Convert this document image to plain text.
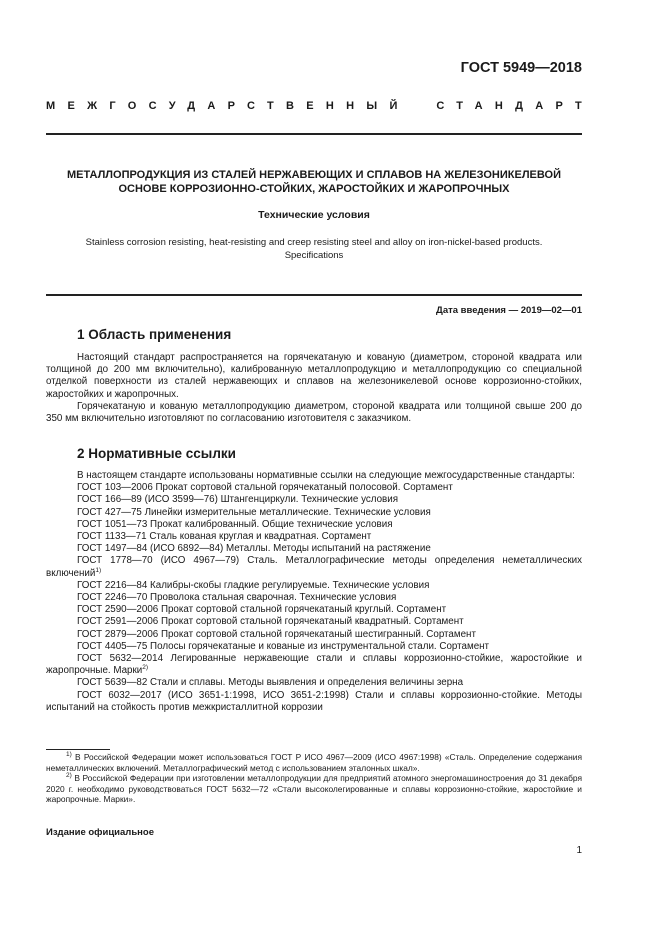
ГОСТ 5949—2018
МЕЖГОСУДАРСТВЕННЫЙ СТАНДАРТ
МЕТАЛЛОПРОДУКЦИЯ ИЗ СТАЛЕЙ НЕРЖАВЕЮЩИХ И СПЛАВОВ НА ЖЕЛЕЗОНИКЕЛЕВОЙ
ОСНОВЕ КОРРОЗИОННО-СТОЙКИХ, ЖАРОСТОЙКИХ И ЖАРОПРОЧНЫХ
Технические условия
Stainless corrosion resisting, heat-resisting and creep resisting steel and alloy on iron-nickel-based products.
Specifications
Дата введения — 2019—02—01
1 Область применения

Настоящий стандарт распространяется на горячекатаную и кованую (диаметром, стороной квадрата или толщиной до 200 мм включительно), калиброванную металлопродукцию и металлопродукцию со специальной отделкой поверхности из сталей нержавеющих и сплавов на железоникелевой основе коррозионно-стойких, жаростойких и жаропрочных.

Горячекатаную и кованую металлопродукцию диаметром, стороной квадрата или толщиной свыше 200 до 350 мм включительно изготовляют по согласованию изготовителя с заказчиком.

2 Нормативные ссылки

В настоящем стандарте использованы нормативные ссылки на следующие межгосударственные стандарты:

ГОСТ 103—2006 Прокат сортовой стальной горячекатаный полосовой. Сортамент

ГОСТ 166—89 (ИСО 3599—76) Штангенциркули. Технические условия

ГОСТ 427—75 Линейки измерительные металлические. Технические условия

ГОСТ 1051—73 Прокат калиброванный. Общие технические условия

ГОСТ 1133—71 Сталь кованая круглая и квадратная. Сортамент

ГОСТ 1497—84 (ИСО 6892—84) Металлы. Методы испытаний на растяжение

ГОСТ 1778—70 (ИСО 4967—79) Сталь. Металлографические методы определения неметаллических включений$^{1)}$

ГОСТ 2216—84 Калибры-скобы гладкие регулируемые. Технические условия

ГОСТ 2246—70 Проволока стальная сварочная. Технические условия

ГОСТ 2590—2006 Прокат сортовой стальной горячекатаный круглый. Сортамент

ГОСТ 2591—2006 Прокат сортовой стальной горячекатаный квадратный. Сортамент

ГОСТ 2879—2006 Прокат сортовой стальной горячекатаный шестигранный. Сортамент

ГОСТ 4405—75 Полосы горячекатаные и кованые из инструментальной стали. Сортамент

ГОСТ 5632—2014 Легированные нержавеющие стали и сплавы коррозионно-стойкие, жаростойкие и жаропрочные. Марки$^{2)}$

ГОСТ 5639—82 Стали и сплавы. Методы выявления и определения величины зерна

ГОСТ 6032—2017 (ИСО 3651-1:1998, ИСО 3651-2:1998) Стали и сплавы коррозионно-стойкие. Методы испытаний на стойкость против межкристаллитной коррозии

$^{1)}$ В Российской Федерации может использоваться ГОСТ Р ИСО 4967—2009 (ИСО 4967:1998) «Сталь. Определение содержания неметаллических включений. Металлографический метод с использованием эталонных шкал».

$^{2)}$ В Российской Федерации при изготовлении металлопродукции для предприятий атомного энергомашиностроения до 31 декабря 2020 г. необходимо руководствоваться ГОСТ 5632—72 «Стали высоколегированные и сплавы коррозионно-стойкие, жаростойкие и жаропрочные. Марки».

Издание официальное
1
